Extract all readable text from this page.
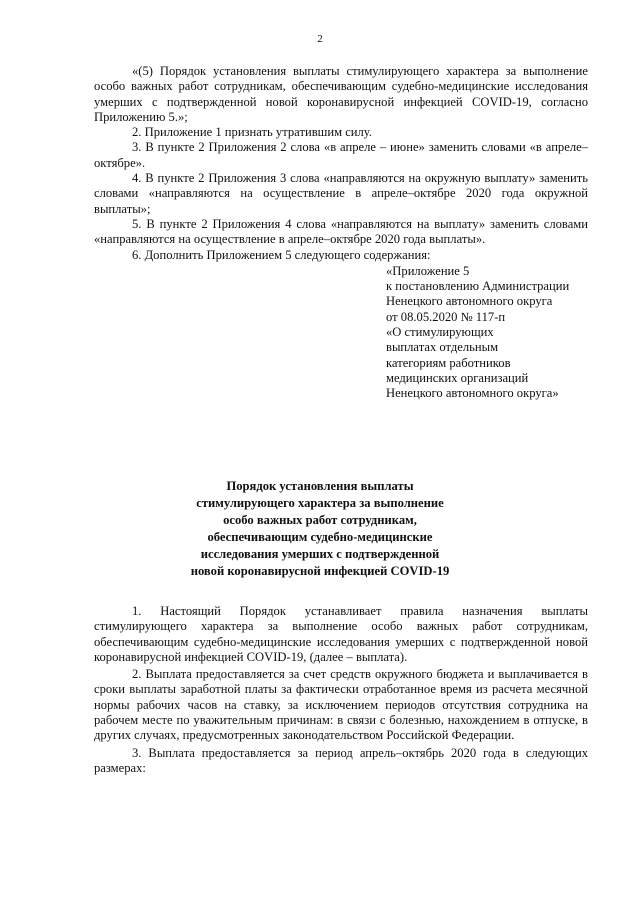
2

«(5) Порядок установления выплаты стимулирующего характера за выполнение особо важных работ сотрудникам, обеспечивающим судебно-медицинские исследования умерших с подтвержденной новой коронавирусной инфекцией COVID-19, согласно Приложению 5.»;

2. Приложение 1 признать утратившим силу.

3. В пункте 2 Приложения 2 слова «в апреле – июне» заменить словами «в апреле–октябре».

4. В пункте 2 Приложения 3 слова «направляются на окружную выплату» заменить словами «направляются на осуществление в апреле–октябре 2020 года окружной выплаты»;

5. В пункте 2 Приложения 4 слова «направляются на выплату» заменить словами «направляются на осуществление в апреле–октябре 2020 года выплаты».

6. Дополнить Приложением 5 следующего содержания:

«Приложение 5
к постановлению Администрации
Ненецкого автономного округа
от 08.05.2020 № 117-п
«О стимулирующих
выплатах отдельным
категориям работников
медицинских организаций
Ненецкого автономного округа»
Порядок установления выплаты
стимулирующего характера за выполнение
особо важных работ сотрудникам,
обеспечивающим судебно-медицинские
исследования умерших с подтвержденной
новой коронавирусной инфекцией COVID-19

1. Настоящий Порядок устанавливает правила назначения выплаты стимулирующего характера за выполнение особо важных работ сотрудникам, обеспечивающим судебно-медицинские исследования умерших с подтвержденной новой коронавирусной инфекцией COVID-19, (далее – выплата).

2. Выплата предоставляется за счет средств окружного бюджета и выплачивается в сроки выплаты заработной платы за фактически отработанное время из расчета месячной нормы рабочих часов на ставку, за исключением периодов отсутствия сотрудника на рабочем месте по уважительным причинам: в связи с болезнью, нахождением в отпуске, в других случаях, предусмотренных законодательством Российской Федерации.

3. Выплата предоставляется за период апрель–октябрь 2020 года в следующих размерах:
